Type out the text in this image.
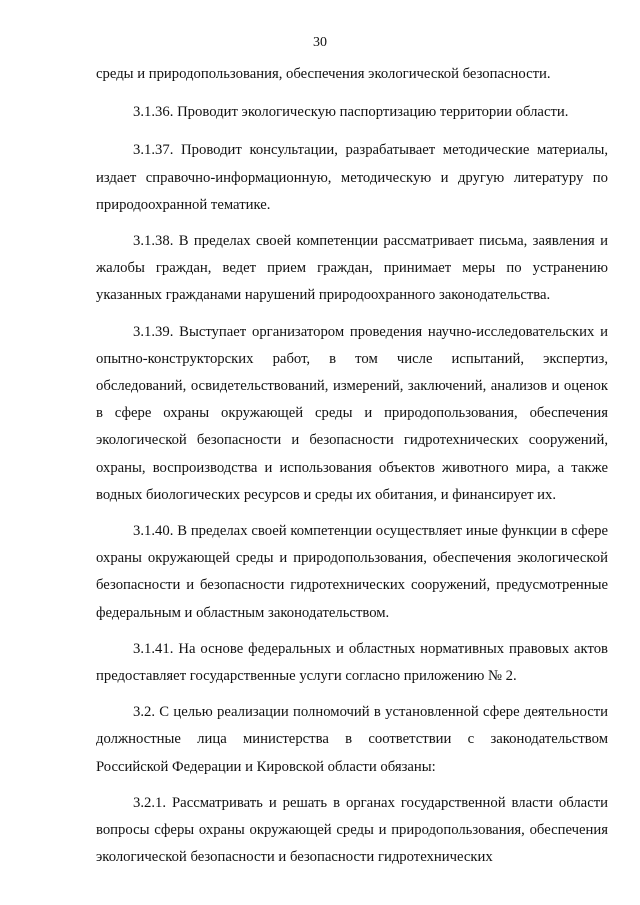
30

среды и природопользования, обеспечения экологической безопасности.

3.1.36. Проводит экологическую паспортизацию территории области.

3.1.37. Проводит консультации, разрабатывает методические материалы, издает справочно-информационную, методическую и другую литературу по природоохранной тематике.

3.1.38. В пределах своей компетенции рассматривает письма, заявления и жалобы граждан, ведет прием граждан, принимает меры по устранению указанных гражданами нарушений природоохранного законодательства.

3.1.39. Выступает организатором проведения научно-исследовательских и опытно-конструкторских работ, в том числе испытаний, экспертиз, обследований, освидетельствований, измерений, заключений, анализов и оценок в сфере охраны окружающей среды и природопользования, обеспечения экологической безопасности и безопасности гидротехнических сооружений, охраны, воспроизводства и использования объектов животного мира, а также водных биологических ресурсов и среды их обитания, и финансирует их.

3.1.40. В пределах своей компетенции осуществляет иные функции в сфере охраны окружающей среды и природопользования, обеспечения экологической безопасности и безопасности гидротехнических сооружений, предусмотренные федеральным и областным законодательством.

3.1.41. На основе федеральных и областных нормативных правовых актов предоставляет государственные услуги согласно приложению № 2.

3.2. С целью реализации полномочий в установленной сфере деятельности должностные лица министерства в соответствии с законодательством Российской Федерации и Кировской области обязаны:

3.2.1. Рассматривать и решать в органах государственной власти области вопросы сферы охраны окружающей среды и природопользования, обеспечения экологической безопасности и безопасности гидротехнических
